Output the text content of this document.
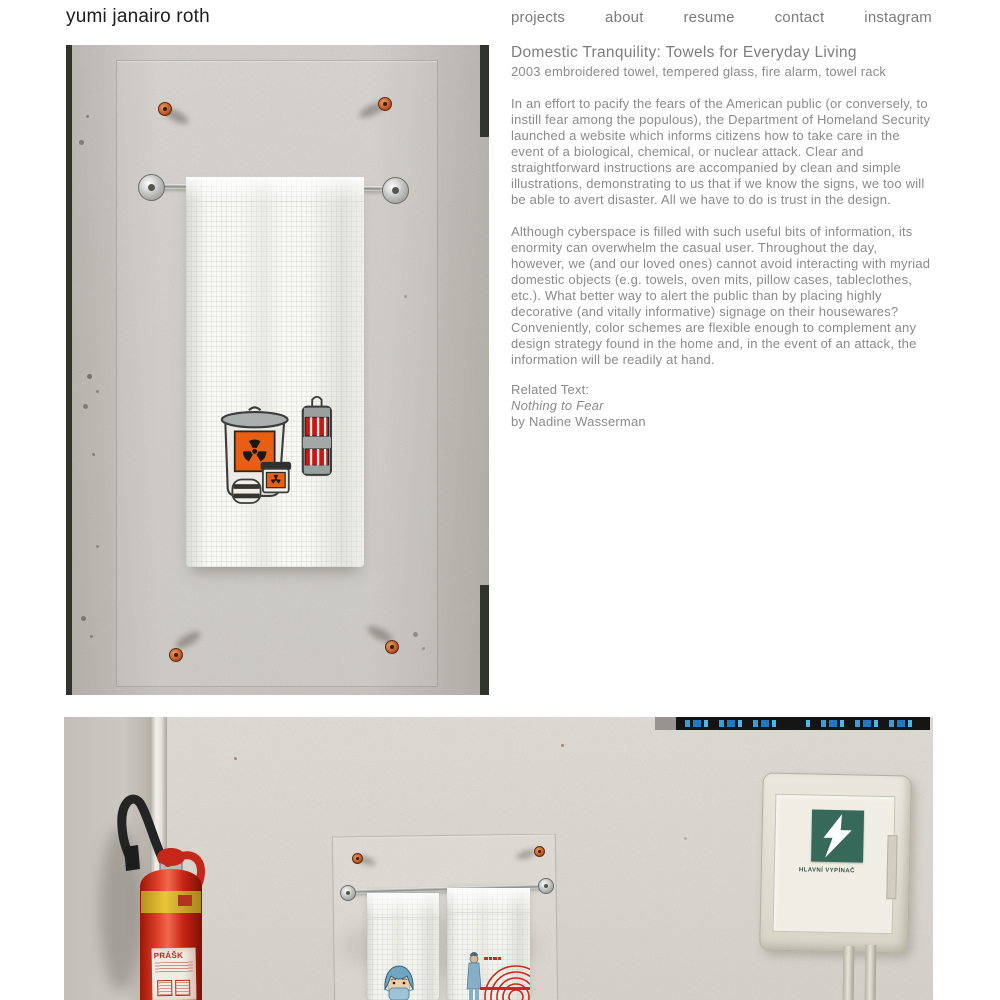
yumi janairo roth	projects	about	resume	contact	instagram
Domestic Tranquility: Towels for Everyday Living
2003 embroidered towel, tempered glass, fire alarm, towel rack

In an effort to pacify the fears of the American public (or conversely, to instill fear among the populous), the Department of Homeland Security launched a website which informs citizens how to take care in the event of a biological, chemical, or nuclear attack. Clear and straightforward instructions are accompanied by clean and simple illustrations, demonstrating to us that if we know the signs, we too will be able to avert disaster. All we have to do is trust in the design.

Although cyberspace is filled with such useful bits of information, its enormity can overwhelm the casual user. Throughout the day, however, we (and our loved ones) cannot avoid interacting with myriad domestic objects (e.g. towels, oven mits, pillow cases, tableclothes, etc.). What better way to alert the public than by placing highly decorative (and vitally informative) signage on their housewares? Conveniently, color schemes are flexible enough to complement any design strategy found in the home and, in the event of an attack, the information will be readily at hand.

Related Text:
Nothing to Fear
by Nadine Wasserman
PRÁŠK
HLAVNÍ VYPÍNAČ
